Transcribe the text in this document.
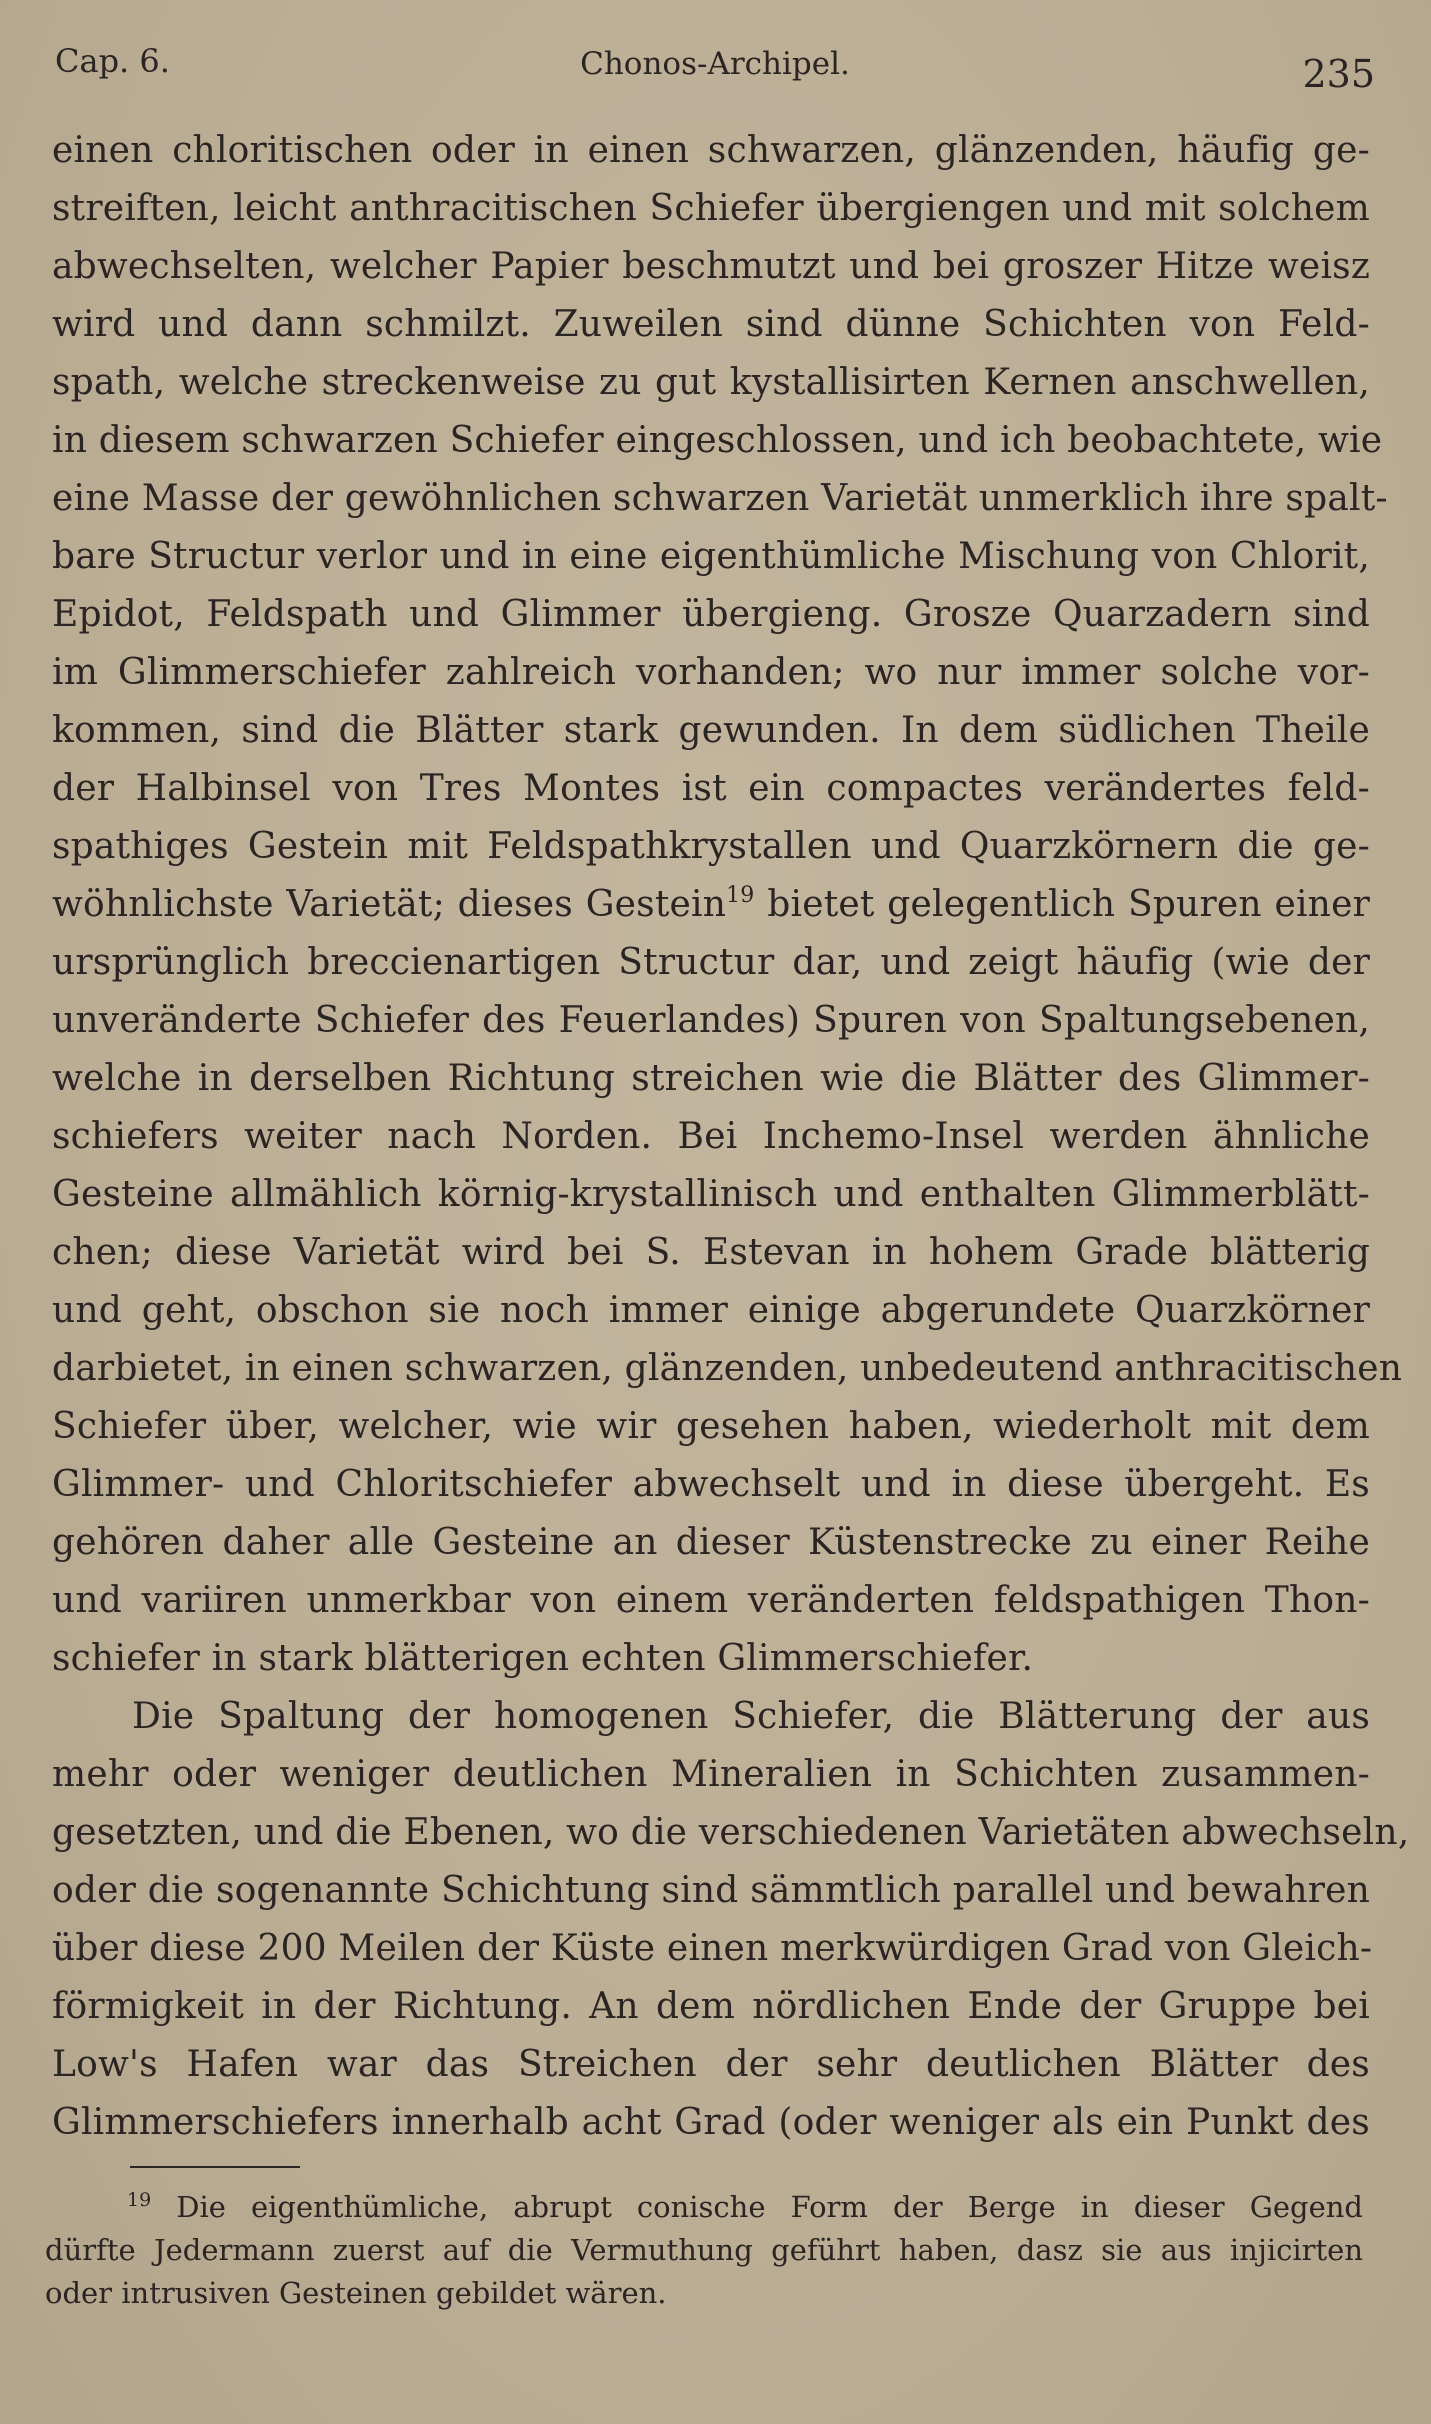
Cap. 6.	Chonos-Archipel.	235
einen chloritischen oder in einen schwarzen, glänzenden, häufig ge-
streiften, leicht anthracitischen Schiefer übergiengen und mit solchem
abwechselten, welcher Papier beschmutzt und bei groszer Hitze weisz
wird und dann schmilzt. Zuweilen sind dünne Schichten von Feld-
spath, welche streckenweise zu gut kystallisirten Kernen anschwellen,
in diesem schwarzen Schiefer eingeschlossen, und ich beobachtete, wie
eine Masse der gewöhnlichen schwarzen Varietät unmerklich ihre spalt-
bare Structur verlor und in eine eigenthümliche Mischung von Chlorit,
Epidot, Feldspath und Glimmer übergieng. Grosze Quarzadern sind
im Glimmerschiefer zahlreich vorhanden; wo nur immer solche vor-
kommen, sind die Blätter stark gewunden. In dem südlichen Theile
der Halbinsel von Tres Montes ist ein compactes verändertes feld-
spathiges Gestein mit Feldspathkrystallen und Quarzkörnern die ge-
wöhnlichste Varietät; dieses Gestein$^{19}$ bietet gelegentlich Spuren einer
ursprünglich breccienartigen Structur dar, und zeigt häufig (wie der
unveränderte Schiefer des Feuerlandes) Spuren von Spaltungsebenen,
welche in derselben Richtung streichen wie die Blätter des Glimmer-
schiefers weiter nach Norden. Bei Inchemo-Insel werden ähnliche
Gesteine allmählich körnig-krystallinisch und enthalten Glimmerblätt-
chen; diese Varietät wird bei S. Estevan in hohem Grade blätterig
und geht, obschon sie noch immer einige abgerundete Quarzkörner
darbietet, in einen schwarzen, glänzenden, unbedeutend anthracitischen
Schiefer über, welcher, wie wir gesehen haben, wiederholt mit dem
Glimmer- und Chloritschiefer abwechselt und in diese übergeht. Es
gehören daher alle Gesteine an dieser Küstenstrecke zu einer Reihe
und variiren unmerkbar von einem veränderten feldspathigen Thon-
schiefer in stark blätterigen echten Glimmerschiefer.
Die Spaltung der homogenen Schiefer, die Blätterung der aus
mehr oder weniger deutlichen Mineralien in Schichten zusammen-
gesetzten, und die Ebenen, wo die verschiedenen Varietäten abwechseln,
oder die sogenannte Schichtung sind sämmtlich parallel und bewahren
über diese 200 Meilen der Küste einen merkwürdigen Grad von Gleich-
förmigkeit in der Richtung. An dem nördlichen Ende der Gruppe bei
Low's Hafen war das Streichen der sehr deutlichen Blätter des
Glimmerschiefers innerhalb acht Grad (oder weniger als ein Punkt des
$^{19}$ Die eigenthümliche, abrupt conische Form der Berge in dieser Gegend
dürfte Jedermann zuerst auf die Vermuthung geführt haben, dasz sie aus injicirten
oder intrusiven Gesteinen gebildet wären.
